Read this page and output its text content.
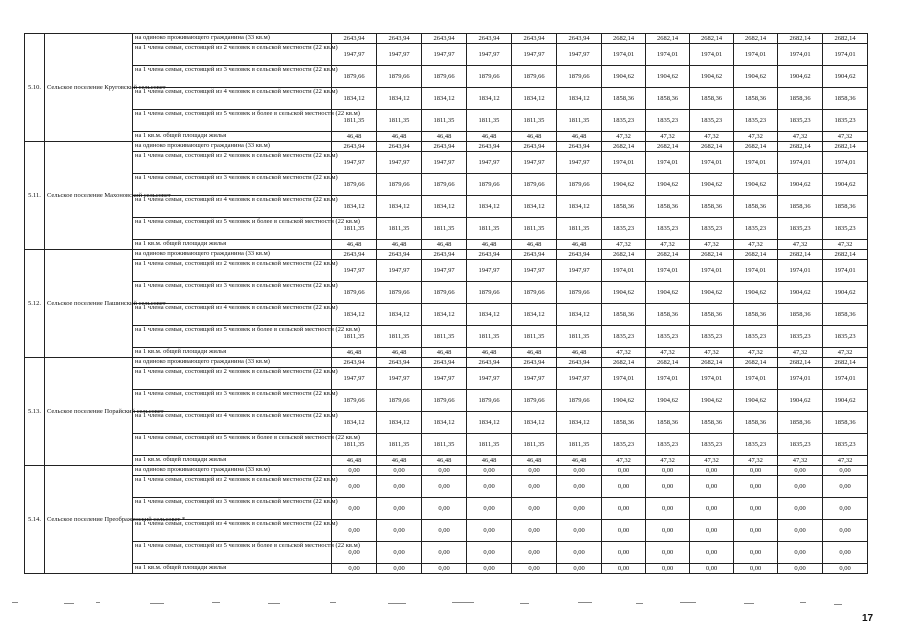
5.10.	Сельское поселение Круговский сельсовет	на одиноко проживающего гражданина (33 кв.м)	2643,94	2643,94	2643,94	2643,94	2643,94	2643,94	2682,14	2682,14	2682,14	2682,14	2682,14	2682,14
		на 1 члена семьи, состоящей из 2 человек в сельской местности (22 кв.м)	1947,97	1947,97	1947,97	1947,97	1947,97	1947,97	1974,01	1974,01	1974,01	1974,01	1974,01	1974,01
		на 1 члена семьи, состоящей из 3 человек в сельской местности (22 кв.м)	1879,66	1879,66	1879,66	1879,66	1879,66	1879,66	1904,62	1904,62	1904,62	1904,62	1904,62	1904,62
		на 1 члена семьи, состоящей из 4 человек в сельской местности (22 кв.м)	1834,12	1834,12	1834,12	1834,12	1834,12	1834,12	1858,36	1858,36	1858,36	1858,36	1858,36	1858,36
		на 1 члена семьи, состоящей из 5 человек и более в сельской местности (22 кв.м)	1811,35	1811,35	1811,35	1811,35	1811,35	1811,35	1835,23	1835,23	1835,23	1835,23	1835,23	1835,23
		на 1 кв.м. общей площади жилья	46,48	46,48	46,48	46,48	46,48	46,48	47,32	47,32	47,32	47,32	47,32	47,32
5.11.	Сельское поселение Махоновский сельсовет	на одиноко проживающего гражданина (33 кв.м)	2643,94	2643,94	2643,94	2643,94	2643,94	2643,94	2682,14	2682,14	2682,14	2682,14	2682,14	2682,14
		на 1 члена семьи, состоящей из 2 человек в сельской местности (22 кв.м)	1947,97	1947,97	1947,97	1947,97	1947,97	1947,97	1974,01	1974,01	1974,01	1974,01	1974,01	1974,01
		на 1 члена семьи, состоящей из 3 человек в сельской местности (22 кв.м)	1879,66	1879,66	1879,66	1879,66	1879,66	1879,66	1904,62	1904,62	1904,62	1904,62	1904,62	1904,62
		на 1 члена семьи, состоящей из 4 человек в сельской местности (22 кв.м)	1834,12	1834,12	1834,12	1834,12	1834,12	1834,12	1858,36	1858,36	1858,36	1858,36	1858,36	1858,36
		на 1 члена семьи, состоящей из 5 человек и более в сельской местности (22 кв.м)	1811,35	1811,35	1811,35	1811,35	1811,35	1811,35	1835,23	1835,23	1835,23	1835,23	1835,23	1835,23
		на 1 кв.м. общей площади жилья	46,48	46,48	46,48	46,48	46,48	46,48	47,32	47,32	47,32	47,32	47,32	47,32
5.12.	Сельское поселение Пашинский сельсовет	на одиноко проживающего гражданина (33 кв.м)	2643,94	2643,94	2643,94	2643,94	2643,94	2643,94	2682,14	2682,14	2682,14	2682,14	2682,14	2682,14
		на 1 члена семьи, состоящей из 2 человек в сельской местности (22 кв.м)	1947,97	1947,97	1947,97	1947,97	1947,97	1947,97	1974,01	1974,01	1974,01	1974,01	1974,01	1974,01
		на 1 члена семьи, состоящей из 3 человек в сельской местности (22 кв.м)	1879,66	1879,66	1879,66	1879,66	1879,66	1879,66	1904,62	1904,62	1904,62	1904,62	1904,62	1904,62
		на 1 члена семьи, состоящей из 4 человек в сельской местности (22 кв.м)	1834,12	1834,12	1834,12	1834,12	1834,12	1834,12	1858,36	1858,36	1858,36	1858,36	1858,36	1858,36
		на 1 члена семьи, состоящей из 5 человек и более в сельской местности (22 кв.м)	1811,35	1811,35	1811,35	1811,35	1811,35	1811,35	1835,23	1835,23	1835,23	1835,23	1835,23	1835,23
		на 1 кв.м. общей площади жилья	46,48	46,48	46,48	46,48	46,48	46,48	47,32	47,32	47,32	47,32	47,32	47,32
5.13.	Сельское поселение Порайский сельсовет	на одиноко проживающего гражданина (33 кв.м)	2643,94	2643,94	2643,94	2643,94	2643,94	2643,94	2682,14	2682,14	2682,14	2682,14	2682,14	2682,14
		на 1 члена семьи, состоящей из 2 человек в сельской местности (22 кв.м)	1947,97	1947,97	1947,97	1947,97	1947,97	1947,97	1974,01	1974,01	1974,01	1974,01	1974,01	1974,01
		на 1 члена семьи, состоящей из 3 человек в сельской местности (22 кв.м)	1879,66	1879,66	1879,66	1879,66	1879,66	1879,66	1904,62	1904,62	1904,62	1904,62	1904,62	1904,62
		на 1 члена семьи, состоящей из 4 человек в сельской местности (22 кв.м)	1834,12	1834,12	1834,12	1834,12	1834,12	1834,12	1858,36	1858,36	1858,36	1858,36	1858,36	1858,36
		на 1 члена семьи, состоящей из 5 человек и более в сельской местности (22 кв.м)	1811,35	1811,35	1811,35	1811,35	1811,35	1811,35	1835,23	1835,23	1835,23	1835,23	1835,23	1835,23
		на 1 кв.м. общей площади жилья	46,48	46,48	46,48	46,48	46,48	46,48	47,32	47,32	47,32	47,32	47,32	47,32
5.14.	Сельское поселение Преображенский сельсовет *	на одиноко проживающего гражданина (33 кв.м)	0,00	0,00	0,00	0,00	0,00	0,00	0,00	0,00	0,00	0,00	0,00	0,00
		на 1 члена семьи, состоящей из 2 человек в сельской местности (22 кв.м)	0,00	0,00	0,00	0,00	0,00	0,00	0,00	0,00	0,00	0,00	0,00	0,00
		на 1 члена семьи, состоящей из 3 человек в сельской местности (22 кв.м)	0,00	0,00	0,00	0,00	0,00	0,00	0,00	0,00	0,00	0,00	0,00	0,00
		на 1 члена семьи, состоящей из 4 человек в сельской местности (22 кв.м)	0,00	0,00	0,00	0,00	0,00	0,00	0,00	0,00	0,00	0,00	0,00	0,00
		на 1 члена семьи, состоящей из 5 человек и более в сельской местности (22 кв.м)	0,00	0,00	0,00	0,00	0,00	0,00	0,00	0,00	0,00	0,00	0,00	0,00
		на 1 кв.м. общей площади жилья	0,00	0,00	0,00	0,00	0,00	0,00	0,00	0,00	0,00	0,00	0,00	0,00
17
